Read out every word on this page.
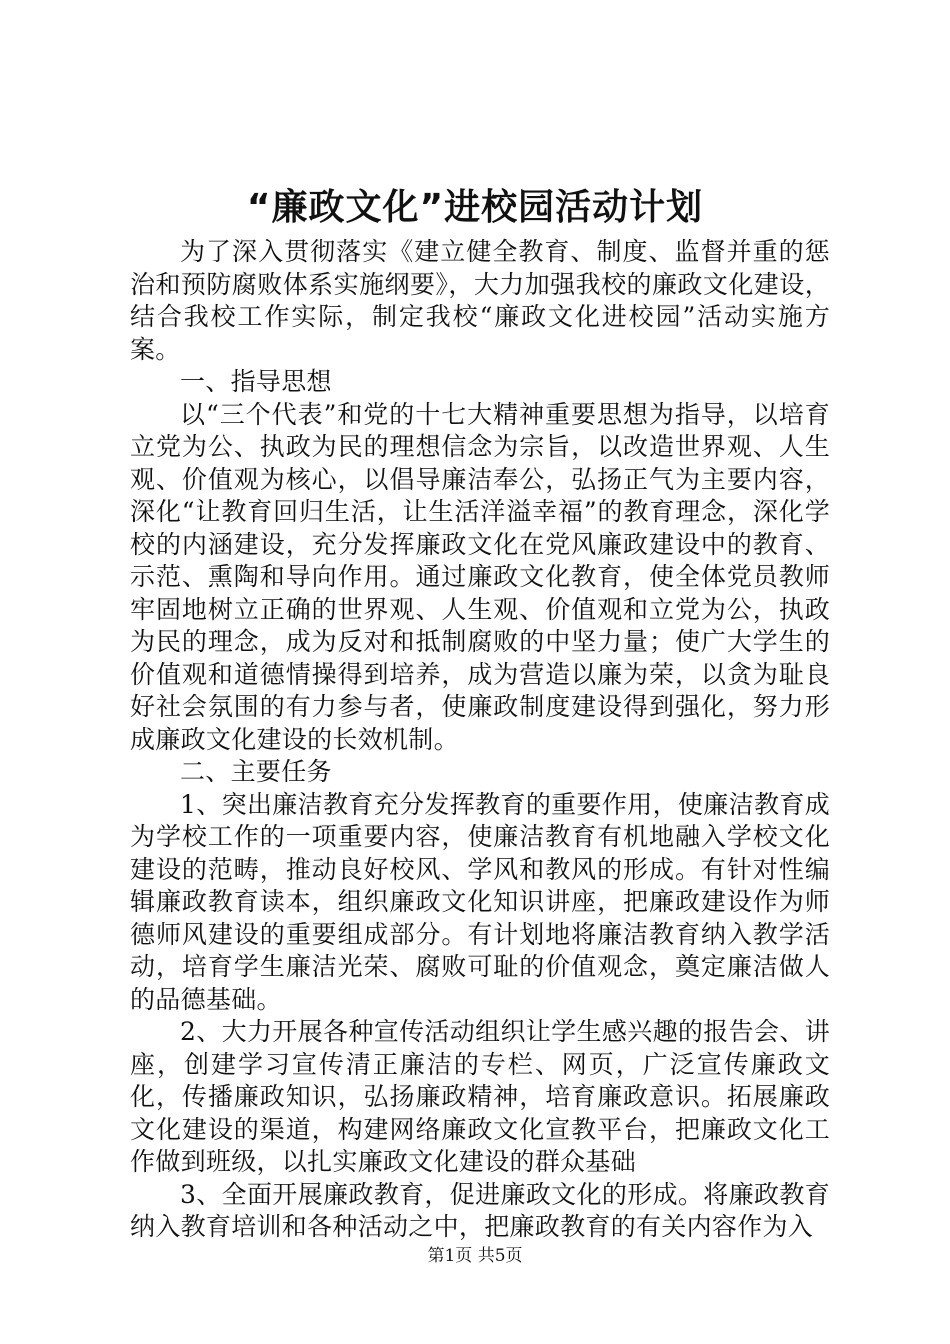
“廉政文化”进校园活动计划

为了深入贯彻落实《建立健全教育、制度、监督并重的惩治和预防腐败体系实施纲要》，大力加强我校的廉政文化建设，结合我校工作实际，制定我校“廉政文化进校园”活动实施方案。

一、指导思想

以“三个代表”和党的十七大精神重要思想为指导，以培育立党为公、执政为民的理想信念为宗旨，以改造世界观、人生观、价值观为核心，以倡导廉洁奉公，弘扬正气为主要内容，深化“让教育回归生活，让生活洋溢幸福”的教育理念，深化学校的内涵建设，充分发挥廉政文化在党风廉政建设中的教育、示范、熏陶和导向作用。通过廉政文化教育，使全体党员教师牢固地树立正确的世界观、人生观、价值观和立党为公，执政为民的理念，成为反对和抵制腐败的中坚力量；使广大学生的价值观和道德情操得到培养，成为营造以廉为荣，以贪为耻良好社会氛围的有力参与者，使廉政制度建设得到强化，努力形成廉政文化建设的长效机制。

二、主要任务

1、突出廉洁教育充分发挥教育的重要作用，使廉洁教育成为学校工作的一项重要内容，使廉洁教育有机地融入学校文化建设的范畴，推动良好校风、学风和教风的形成。有针对性编辑廉政教育读本，组织廉政文化知识讲座，把廉政建设作为师德师风建设的重要组成部分。有计划地将廉洁教育纳入教学活动，培育学生廉洁光荣、腐败可耻的价值观念，奠定廉洁做人的品德基础。

2、大力开展各种宣传活动组织让学生感兴趣的报告会、讲座，创建学习宣传清正廉洁的专栏、网页，广泛宣传廉政文化，传播廉政知识，弘扬廉政精神，培育廉政意识。拓展廉政文化建设的渠道，构建网络廉政文化宣教平台，把廉政文化工作做到班级，以扎实廉政文化建设的群众基础

3、全面开展廉政教育，促进廉政文化的形成。将廉政教育纳入教育培训和各种活动之中，把廉政教育的有关内容作为入

第1页 共5页
